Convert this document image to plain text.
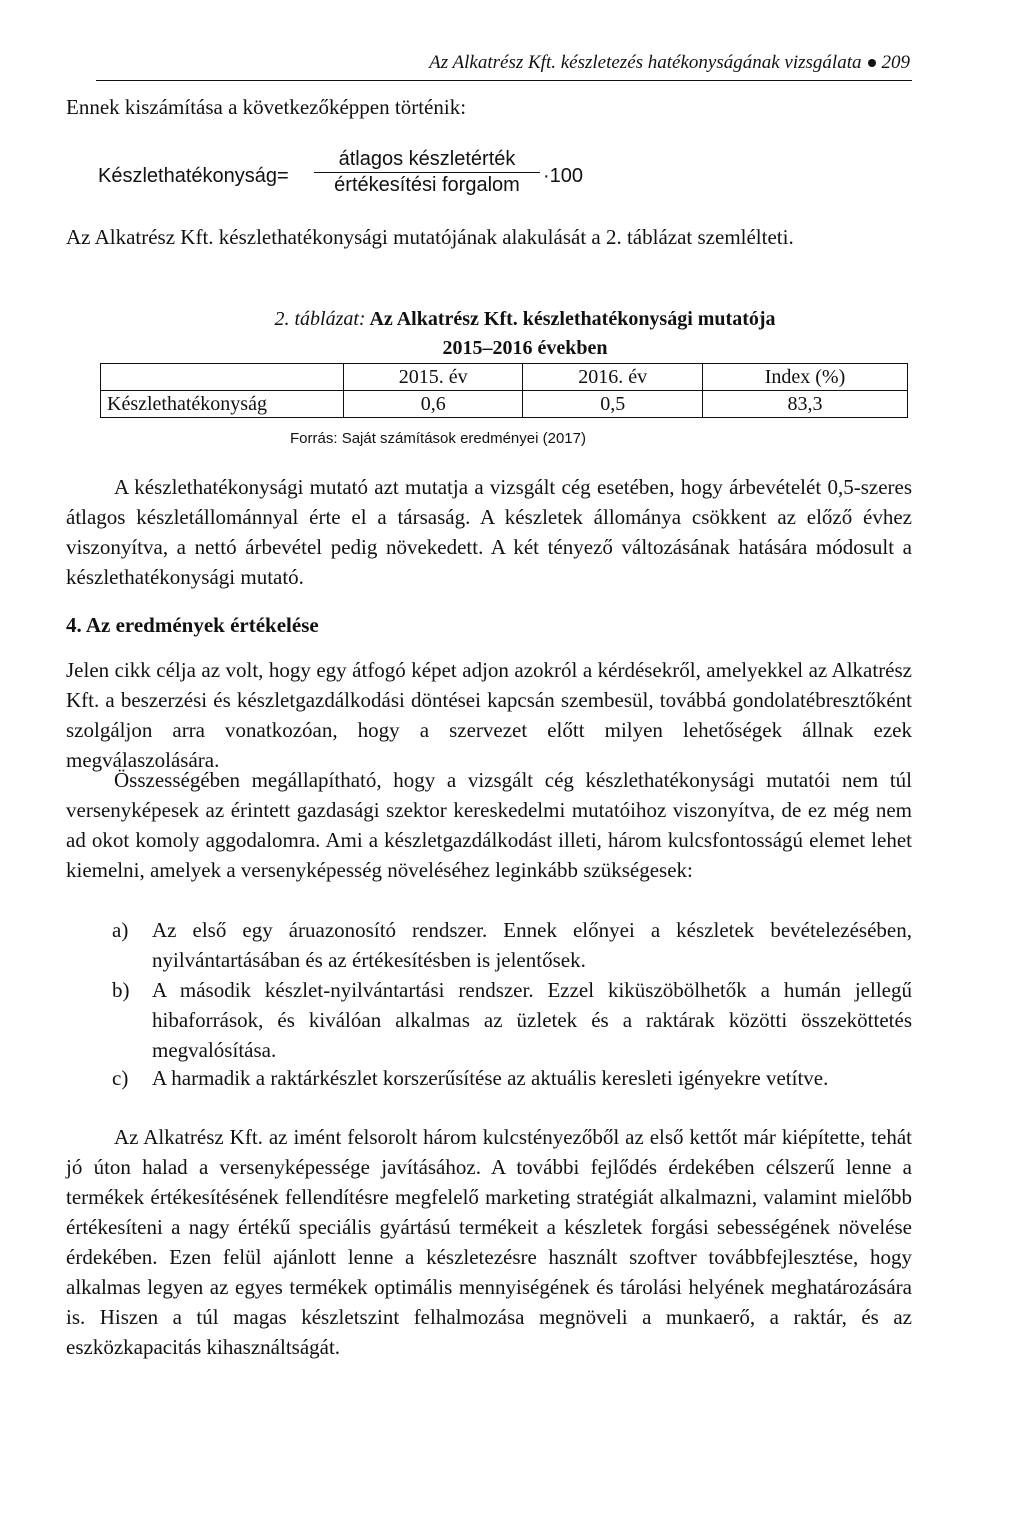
Az Alkatrész Kft. készletezés hatékonyságának vizsgálata 209
Ennek kiszámítása a következőképpen történik:
Készlethatékonyság=
átlagos készletérték
értékesítési forgalom	·100
Az Alkatrész Kft. készlethatékonysági mutatójának alakulását a 2. táblázat szemlélteti.
2. táblázat: Az Alkatrész Kft. készlethatékonysági mutatója
2015–2016 években
	2015. év	2016. év	Index (%)
Készlethatékonyság	0,6	0,5	83,3
Forrás: Saját számítások eredményei (2017)
A készlethatékonysági mutató azt mutatja a vizsgált cég esetében, hogy árbevételét 0,5-szeres átlagos készletállománnyal érte el a társaság. A készletek állománya csökkent az előző évhez viszonyítva, a nettó árbevétel pedig növekedett. A két tényező változásának hatására módosult a készlethatékonysági mutató.
4. Az eredmények értékelése
Jelen cikk célja az volt, hogy egy átfogó képet adjon azokról a kérdésekről, amelyekkel az Alkatrész Kft. a beszerzési és készletgazdálkodási döntései kapcsán szembesül, továbbá gondolatébresztőként szolgáljon arra vonatkozóan, hogy a szervezet előtt milyen lehetőségek állnak ezek megválaszolására.
Összességében megállapítható, hogy a vizsgált cég készlethatékonysági mutatói nem túl versenyképesek az érintett gazdasági szektor kereskedelmi mutatóihoz viszonyítva, de ez még nem ad okot komoly aggodalomra. Ami a készletgazdálkodást illeti, három kulcsfontosságú elemet lehet kiemelni, amelyek a versenyképesség növeléséhez leginkább szükségesek:
a) Az első egy áruazonosító rendszer. Ennek előnyei a készletek bevételezésében, nyilvántartásában és az értékesítésben is jelentősek.
b) A második készlet-nyilvántartási rendszer. Ezzel kiküszöbölhetők a humán jellegű hibaforrások, és kiválóan alkalmas az üzletek és a raktárak közötti összeköttetés megvalósítása.
c) A harmadik a raktárkészlet korszerűsítése az aktuális keresleti igényekre vetítve.
Az Alkatrész Kft. az imént felsorolt három kulcstényezőből az első kettőt már kiépítette, tehát jó úton halad a versenyképessége javításához. A további fejlődés érdekében célszerű lenne a termékek értékesítésének fellendítésre megfelelő marketing stratégiát alkalmazni, valamint mielőbb értékesíteni a nagy értékű speciális gyártású termékeit a készletek forgási sebességének növelése érdekében. Ezen felül ajánlott lenne a készletezésre használt szoftver továbbfejlesztése, hogy alkalmas legyen az egyes termékek optimális mennyiségének és tárolási helyének meghatározására is. Hiszen a túl magas készletszint felhalmozása megnöveli a munkaerő, a raktár, és az eszközkapacitás kihasználtságát.
